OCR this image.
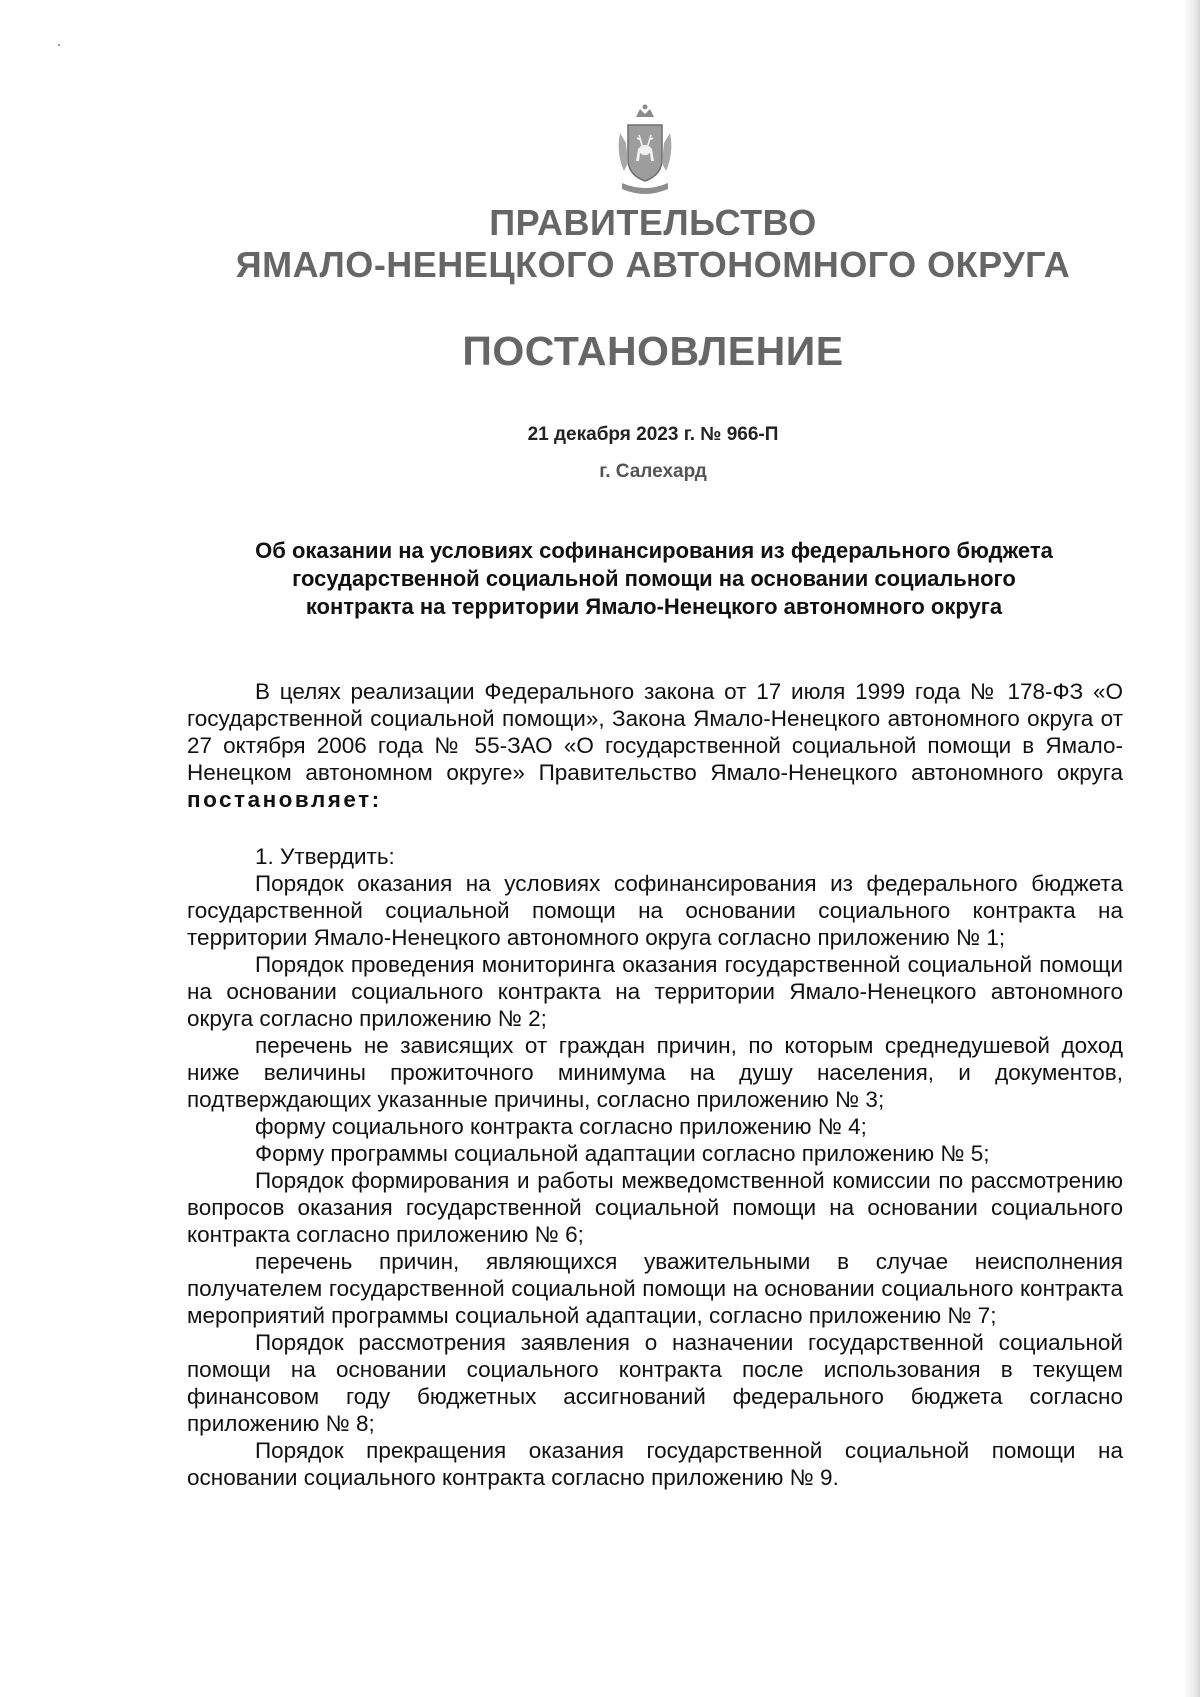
ПРАВИТЕЛЬСТВО
ЯМАЛО-НЕНЕЦКОГО АВТОНОМНОГО ОКРУГА
ПОСТАНОВЛЕНИЕ
21 декабря 2023 г. № 966-П
г. Салехард
Об оказании на условиях софинансирования из федерального бюджета
государственной социальной помощи на основании социального
контракта на территории Ямало-Ненецкого автономного округа

В целях реализации Федерального закона от 17 июля 1999 года № 178-ФЗ «О государственной социальной помощи», Закона Ямало-Ненецкого автономного округа от 27 октября 2006 года № 55-ЗАО «О государственной социальной помощи в Ямало-Ненецком автономном округе» Правительство Ямало-Ненецкого автономного округа постановляет:

1. Утвердить:

Порядок оказания на условиях софинансирования из федерального бюджета государственной социальной помощи на основании социального контракта на территории Ямало-Ненецкого автономного округа согласно приложению № 1;

Порядок проведения мониторинга оказания государственной социальной помощи на основании социального контракта на территории Ямало-Ненецкого автономного округа согласно приложению № 2;

перечень не зависящих от граждан причин, по которым среднедушевой доход ниже величины прожиточного минимума на душу населения, и документов, подтверждающих указанные причины, согласно приложению № 3;

форму социального контракта согласно приложению № 4;

Форму программы социальной адаптации согласно приложению № 5;

Порядок формирования и работы межведомственной комиссии по рассмотрению вопросов оказания государственной социальной помощи на основании социального контракта согласно приложению № 6;

перечень причин, являющихся уважительными в случае неисполнения получателем государственной социальной помощи на основании социального контракта мероприятий программы социальной адаптации, согласно приложению № 7;

Порядок рассмотрения заявления о назначении государственной социальной помощи на основании социального контракта после использования в текущем финансовом году бюджетных ассигнований федерального бюджета согласно приложению № 8;

Порядок прекращения оказания государственной социальной помощи на основании социального контракта согласно приложению № 9.
